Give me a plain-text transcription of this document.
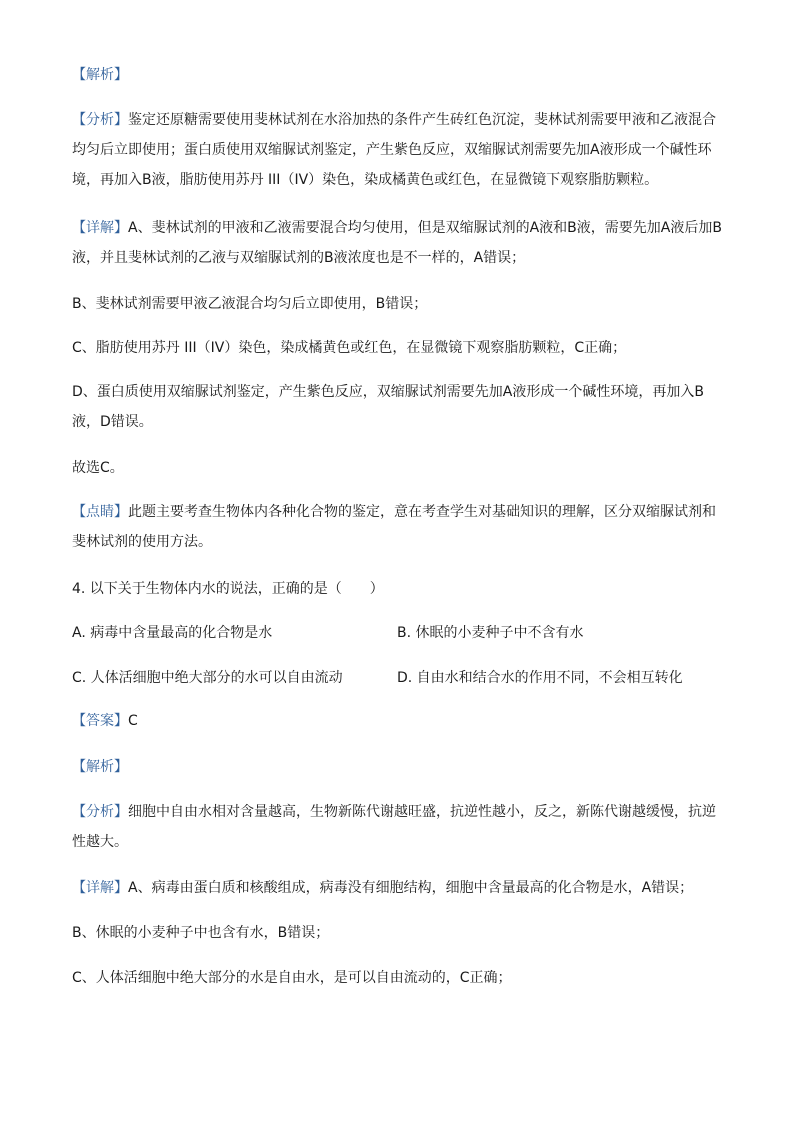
【解析】

【分析】鉴定还原糖需要使用斐林试剂在水浴加热的条件产生砖红色沉淀，斐林试剂需要甲液和乙液混合均匀后立即使用；蛋白质使用双缩脲试剂鉴定，产生紫色反应，双缩脲试剂需要先加A液形成一个碱性环境，再加入B液，脂肪使用苏丹 III（IV）染色，染成橘黄色或红色，在显微镜下观察脂肪颗粒。

【详解】A、斐林试剂的甲液和乙液需要混合均匀使用，但是双缩脲试剂的A液和B液，需要先加A液后加B液，并且斐林试剂的乙液与双缩脲试剂的B液浓度也是不一样的，A错误；

B、斐林试剂需要甲液乙液混合均匀后立即使用，B错误；

C、脂肪使用苏丹 III（IV）染色，染成橘黄色或红色，在显微镜下观察脂肪颗粒，C正确；

D、蛋白质使用双缩脲试剂鉴定，产生紫色反应，双缩脲试剂需要先加A液形成一个碱性环境，再加入B液，D错误。

故选C。

【点睛】此题主要考查生物体内各种化合物的鉴定，意在考查学生对基础知识的理解，区分双缩脲试剂和斐林试剂的使用方法。

4. 以下关于生物体内水的说法，正确的是（　　）

A. 病毒中含量最高的化合物是水	B. 休眠的小麦种子中不含有水

C. 人体活细胞中绝大部分的水可以自由流动	D. 自由水和结合水的作用不同，不会相互转化

【答案】C

【解析】

【分析】细胞中自由水相对含量越高，生物新陈代谢越旺盛，抗逆性越小，反之，新陈代谢越缓慢，抗逆性越大。

【详解】A、病毒由蛋白质和核酸组成，病毒没有细胞结构，细胞中含量最高的化合物是水，A错误；

B、休眠的小麦种子中也含有水，B错误；

C、人体活细胞中绝大部分的水是自由水，是可以自由流动的，C正确；
